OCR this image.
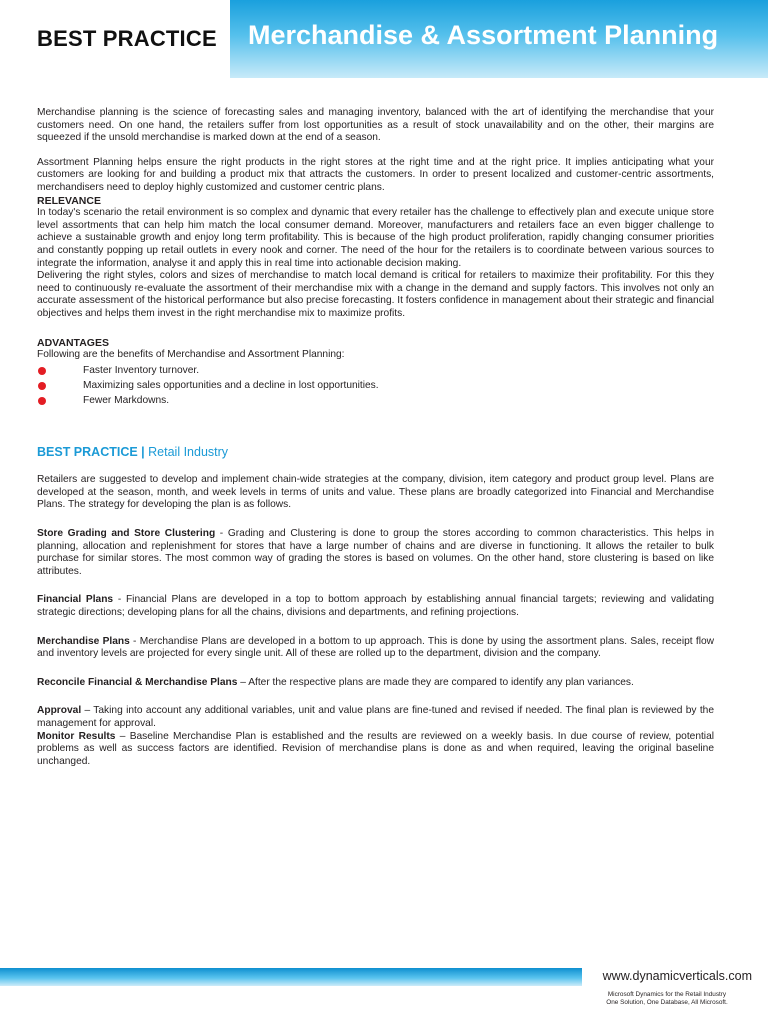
BEST PRACTICE Merchandise & Assortment Planning

Merchandise planning is the science of forecasting sales and managing inventory, balanced with the art of identifying the merchandise that your customers need. On one hand, the retailers suffer from lost opportunities as a result of stock unavailability and on the other, their margins are squeezed if the unsold merchandise is marked down at the end of a season.

Assortment Planning helps ensure the right products in the right stores at the right time and at the right price. It implies anticipating what your customers are looking for and building a product mix that attracts the customers. In order to present localized and customer-centric assortments, merchandisers need to deploy highly customized and customer centric plans.

RELEVANCE

In today's scenario the retail environment is so complex and dynamic that every retailer has the challenge to effectively plan and execute unique store level assortments that can help him match the local consumer demand. Moreover, manufacturers and retailers face an even bigger challenge to achieve a sustainable growth and enjoy long term profitability. This is because of the high product proliferation, rapidly changing consumer priorities and constantly popping up retail outlets in every nook and corner. The need of the hour for the retailers is to coordinate between various sources to integrate the information, analyse it and apply this in real time into actionable decision making.

Delivering the right styles, colors and sizes of merchandise to match local demand is critical for retailers to maximize their profitability. For this they need to continuously re-evaluate the assortment of their merchandise mix with a change in the demand and supply factors. This involves not only an accurate assessment of the historical performance but also precise forecasting. It fosters confidence in management about their strategic and financial objectives and helps them invest in the right merchandise mix to maximize profits.

ADVANTAGES

Following are the benefits of Merchandise and Assortment Planning:

Faster Inventory turnover.
Maximizing sales opportunities and a decline in lost opportunities.
Fewer Markdowns.

BEST PRACTICE | Retail Industry

Retailers are suggested to develop and implement chain-wide strategies at the company, division, item category and product group level. Plans are developed at the season, month, and week levels in terms of units and value. These plans are broadly categorized into Financial and Merchandise Plans. The strategy for developing the plan is as follows.

Store Grading and Store Clustering - Grading and Clustering is done to group the stores according to common characteristics. This helps in planning, allocation and replenishment for stores that have a large number of chains and are diverse in functioning. It allows the retailer to bulk purchase for similar stores. The most common way of grading the stores is based on volumes. On the other hand, store clustering is based on like attributes.

Financial Plans - Financial Plans are developed in a top to bottom approach by establishing annual financial targets; reviewing and validating strategic directions; developing plans for all the chains, divisions and departments, and refining projections.

Merchandise Plans - Merchandise Plans are developed in a bottom to up approach. This is done by using the assortment plans. Sales, receipt flow and inventory levels are projected for every single unit. All of these are rolled up to the department, division and the company.

Reconcile Financial & Merchandise Plans – After the respective plans are made they are compared to identify any plan variances.

Approval – Taking into account any additional variables, unit and value plans are fine-tuned and revised if needed. The final plan is reviewed by the management for approval.

Monitor Results – Baseline Merchandise Plan is established and the results are reviewed on a weekly basis. In due course of review, potential problems as well as success factors are identified. Revision of merchandise plans is done as and when required, leaving the original baseline unchanged.

www.dynamicverticals.com
Microsoft Dynamics for the Retail Industry
One Solution, One Database, All Microsoft.
